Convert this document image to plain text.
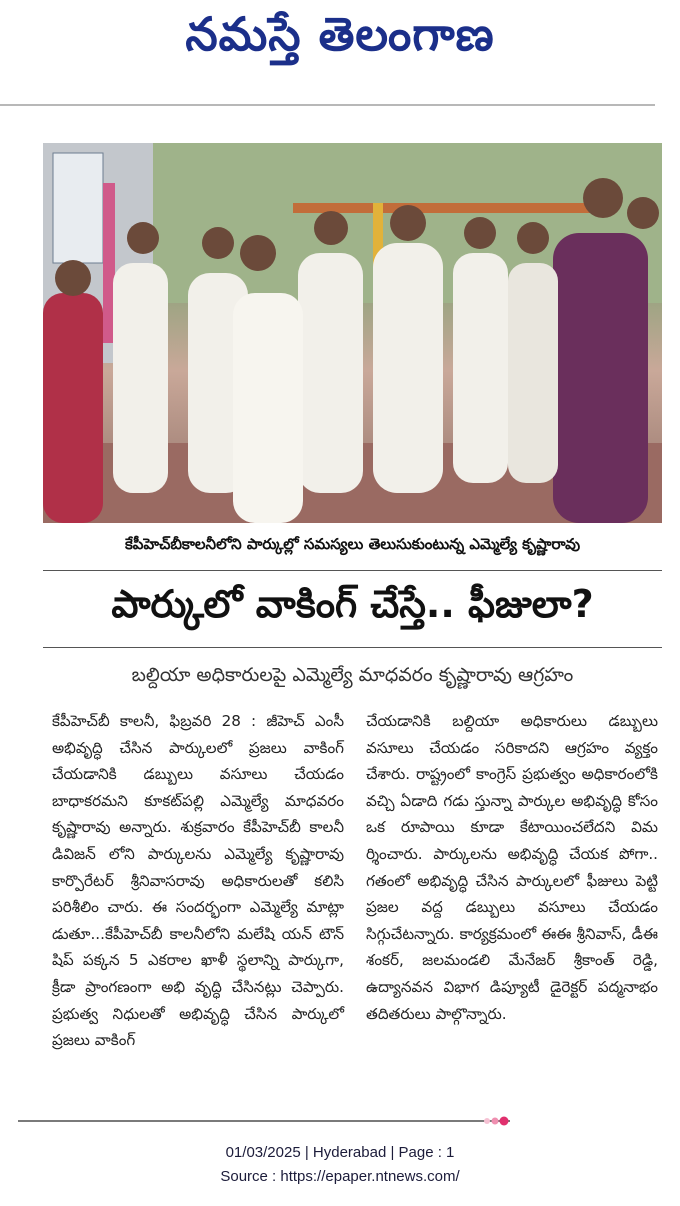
నమస్తే తెలంగాణ
కేపీహెచ్‌బీకాలనీలోని పార్కుల్లో సమస్యలు తెలుసుకుంటున్న ఎమ్మెల్యే కృష్ణారావు
పార్కులో వాకింగ్ చేస్తే.. ఫీజులా?
బల్దియా అధికారులపై ఎమ్మెల్యే మాధవరం కృష్ణారావు ఆగ్రహం
కేపీహెచ్‌బీ కాలనీ, ఫిబ్రవరి 28 : జీహెచ్ ఎంసీ అభివృద్ధి చేసిన పార్కులలో ప్రజలు వాకింగ్ చేయడానికి డబ్బులు వసూలు చేయడం బాధాకరమని కూకట్‌పల్లి ఎమ్మెల్యే మాధవరం కృష్ణారావు అన్నారు. శుక్రవారం కేపీహెచ్‌బీ కాలనీ డివిజన్ లోని పార్కులను ఎమ్మెల్యే కృష్ణారావు కార్పొరేటర్ శ్రీనివాసరావు అధికారులతో కలిసి పరిశీలిం చారు. ఈ సందర్భంగా ఎమ్మెల్యే మాట్లా డుతూ...కేపీహెచ్‌బీ కాలనీలోని మలేషి యన్ టౌన్ షిప్ పక్కన 5 ఎకరాల ఖాళీ స్థలాన్ని పార్కుగా, క్రీడా ప్రాంగణంగా అభి వృద్ధి చేసినట్లు చెప్పారు. ప్రభుత్వ నిధులతో అభివృద్ధి చేసిన పార్కులో ప్రజలు వాకింగ్
చేయడానికి బల్దియా అధికారులు డబ్బులు వసూలు చేయడం సరికాదని ఆగ్రహం వ్యక్తం చేశారు. రాష్ట్రంలో కాంగ్రెస్ ప్రభుత్వం అధికారంలోకి వచ్చి ఏడాది గడు స్తున్నా పార్కుల అభివృద్ధి కోసం ఒక రూపాయి కూడా కేటాయించలేదని విమ ర్శించారు. పార్కులను అభివృద్ధి చేయక పోగా.. గతంలో అభివృద్ధి చేసిన పార్కులలో ఫీజులు పెట్టి ప్రజల వద్ద డబ్బులు వసూలు చేయడం సిగ్గుచేటన్నారు. కార్యక్రమంలో ఈఈ శ్రీనివాస్, డీఈ శంకర్, జలమండలి మేనేజర్ శ్రీకాంత్ రెడ్డి, ఉద్యానవన విభాగ డిప్యూటీ డైరెక్టర్ పద్మనాభం తదితరులు పాల్గొన్నారు.
01/03/2025 | Hyderabad | Page : 1
Source : https://epaper.ntnews.com/
